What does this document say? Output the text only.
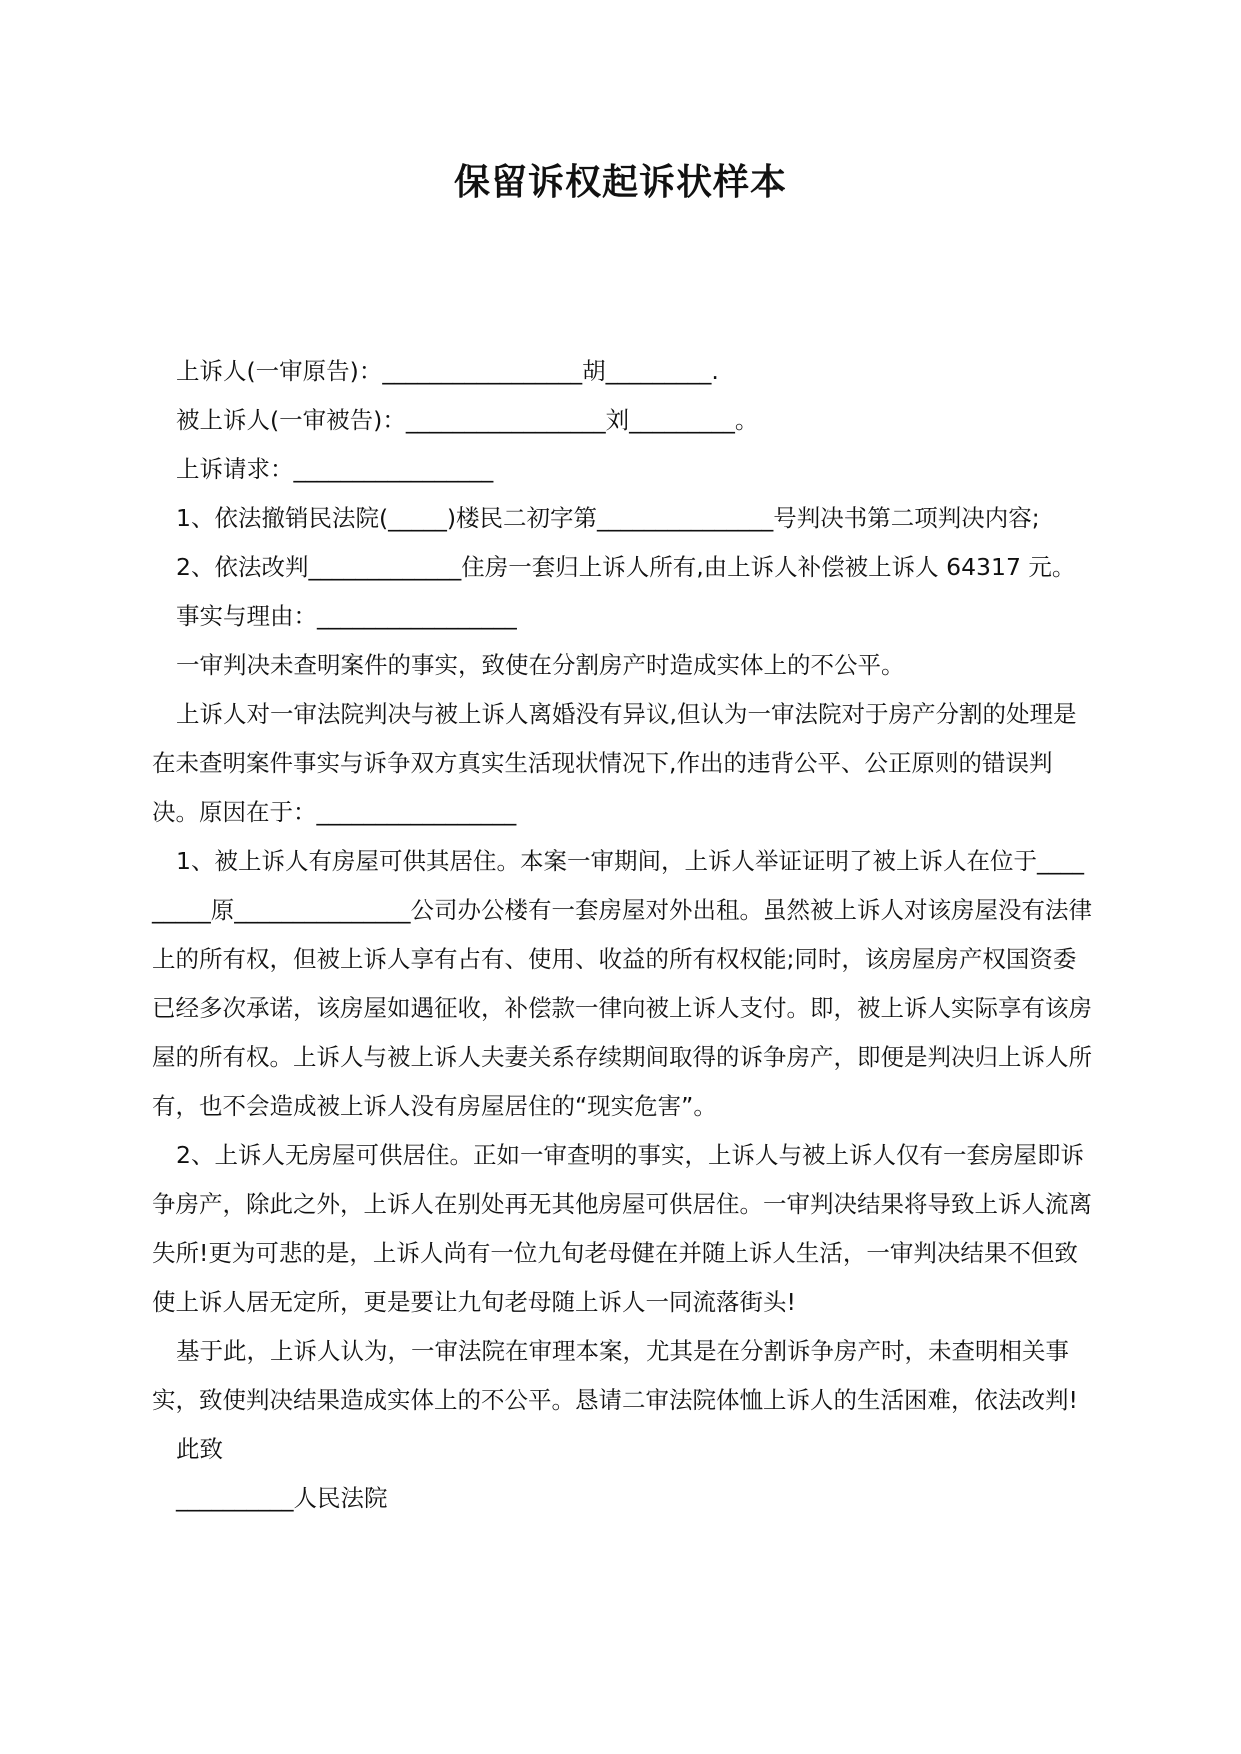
保留诉权起诉状样本

上诉人(一审原告)：_________________胡_________.

被上诉人(一审被告)：_________________刘_________。

上诉请求：_________________

1、依法撤销民法院(_____)楼民二初字第_______________号判决书第二项判决内容;

2、依法改判_____________住房一套归上诉人所有,由上诉人补偿被上诉人 64317 元。

事实与理由：_________________

一审判决未查明案件的事实，致使在分割房产时造成实体上的不公平。

上诉人对一审法院判决与被上诉人离婚没有异议,但认为一审法院对于房产分割的处理是在未查明案件事实与诉争双方真实生活现状情况下,作出的违背公平、公正原则的错误判决。原因在于：_________________

1、被上诉人有房屋可供其居住。本案一审期间，上诉人举证证明了被上诉人在位于_________原_______________公司办公楼有一套房屋对外出租。虽然被上诉人对该房屋没有法律上的所有权，但被上诉人享有占有、使用、收益的所有权权能;同时，该房屋房产权国资委已经多次承诺，该房屋如遇征收，补偿款一律向被上诉人支付。即，被上诉人实际享有该房屋的所有权。上诉人与被上诉人夫妻关系存续期间取得的诉争房产，即便是判决归上诉人所有，也不会造成被上诉人没有房屋居住的“现实危害”。

2、上诉人无房屋可供居住。正如一审查明的事实，上诉人与被上诉人仅有一套房屋即诉争房产，除此之外，上诉人在别处再无其他房屋可供居住。一审判决结果将导致上诉人流离失所!更为可悲的是，上诉人尚有一位九旬老母健在并随上诉人生活，一审判决结果不但致使上诉人居无定所，更是要让九旬老母随上诉人一同流落街头!

基于此，上诉人认为，一审法院在审理本案，尤其是在分割诉争房产时，未查明相关事实，致使判决结果造成实体上的不公平。恳请二审法院体恤上诉人的生活困难，依法改判!

此致

__________人民法院
